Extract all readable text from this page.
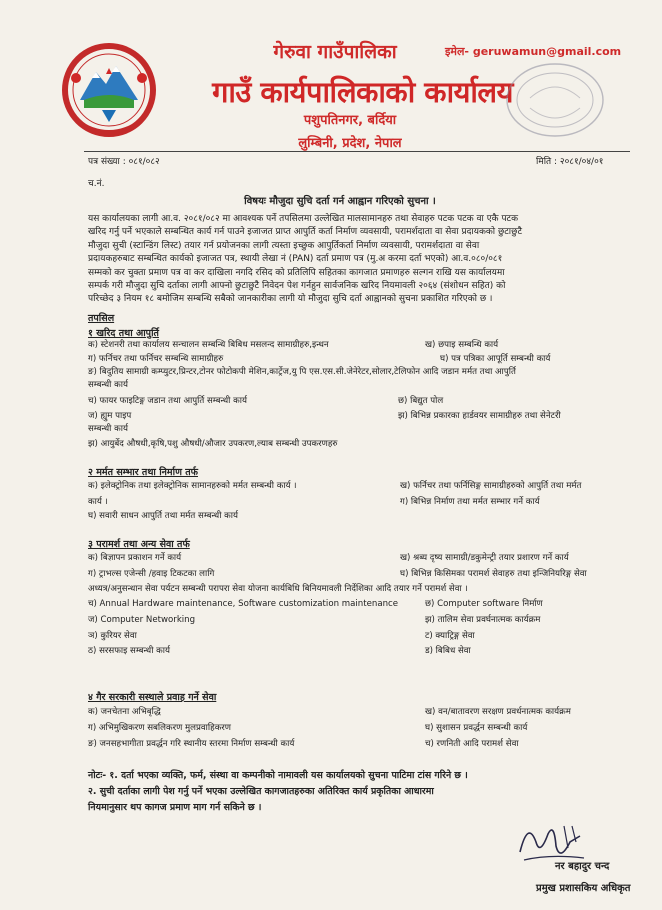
गेरुवा गाउँपालिका
गाउँ कार्यपालिकाको कार्यालय
पशुपतिनगर, बर्दिया
लुम्बिनी, प्रदेश, नेपाल
इमेल- geruwamun@gmail.com
पत्र संख्या : ०८१/०८२	मिति : २०८१/०४/०१
च.नं.
विषयः मौजुदा सुचि दर्ता गर्न आह्वान गरिएको सुचना ।
यस कार्यालयका लागी आ.व. २०८१/०८२ मा आवश्यक पर्ने तपसिलमा उल्लेखित मालसामानहरु तथा सेवाहरु पटक पटक वा एकै पटक
खरिद गर्नु पर्ने भएकाले सम्बन्धित कार्य गर्न पाउने इजाजत प्राप्त आपुर्ति कर्ता निर्माण व्यवसायी, परामर्शदाता वा सेवा प्रदायकको छुटाछुटै
मौजुदा सुची (स्टान्डिंग लिस्ट) तयार गर्न प्रयोजनका लागी त्यस्ता इच्छुक आपुर्तिकर्ता निर्माण व्यवसायी, परामर्शदाता वा सेवा
प्रदायकहरुबाट सम्बन्धित कार्यको इजाजत पत्र, स्थायी लेखा नं (PAN) दर्ता प्रमाण पत्र (मु.अ करमा दर्ता भएको) आ.व.०८०/०८१
सम्मको कर चुक्ता प्रमाण पत्र वा कर दाखिला नगदि रसिद को प्रतिलिपि सहितका कागजात प्रमाणहरु सल्गन राखि यस कार्यालयमा
सम्पर्क गरी मौजुदा सुचि दर्ताका लागी आफ्नो छुटाछुटै निवेदन पेश गर्नहुन सार्वजनिक खरिद नियमावली २०६४ (संशोधन सहित) को
परिच्छेद ३ नियम १८ बमोजिम सम्बन्धि सबैको जानकारीका लागी यो मौजुदा सुचि दर्ता आह्वानको सुचना प्रकाशित गरिएको छ ।
तपसिल
१ खरिद तथा आपुर्ति
क) स्टेशनरी तथा कार्यालय सन्चालन सम्बन्धि बिबिध मसलन्द सामाग्रीहरु,इन्धन	ख) छपाइ सम्बन्धि कार्य
ग) फर्निचर तथा फर्निचर सम्बन्धि सामाग्रीहरु	घ) पत्र पत्रिका आपूर्ति सम्बन्धी कार्य
ङ) बिदुतिय सामाग्री कम्प्युटर,प्रिन्टर,टोनर फोटोकपी मेशिन,कार्ट्रेज,यु पि एस.एस.सी.जेनेरेटर,सोलार,टेलिफोन आदि जडान मर्मत तथा आपुर्ति
सम्बन्धी कार्य
च) फायर फाइटिङ्ग जडान तथा आपुर्ति सम्बन्धी कार्य	छ) बिद्युत पोल
ज) ह्युम पाइप	झ) बिभिन्न प्रकारका हार्डवयर सामाग्रीहरु तथा सेनेटरी
सम्बन्धी कार्य
झ) आयुर्बेद औषधी,कृषि,पशु औषधी/औजार उपकरण,ल्याब सम्बन्धी उपकरणहरु
२ मर्मत सम्भार तथा निर्माण तर्फ
क) इलेक्ट्रोनिक तथा इलेक्ट्रोनिक सामानहरुको मर्मत सम्बन्धी कार्य ।	ख) फर्निचर तथा फर्निसिङ्ग सामाग्रीहरुको आपुर्ति तथा मर्मत
कार्य ।	ग) बिभिन्न निर्माण तथा मर्मत सम्भार गर्ने कार्य
घ) सवारी साधन आपुर्ति तथा मर्मत सम्बन्धी कार्य
३ परामर्श तथा अन्य सेवा तर्फ
क) बिज्ञापन प्रकाशन गर्ने कार्य	ख) श्रब्य दृष्य सामाग्री/डकुमेन्ट्री तयार प्रशारण गर्ने कार्य
ग) ट्राभल्स एजेन्सी /हवाइ टिकटका लागि	घ) बिभिन्न किसिमका परामर्श सेवाहरु तथा इन्जिनियरिङ्ग सेवा
अध्यत्र/अनुसन्धान सेवा पर्यटन सम्बन्धी परापरा सेवा योजना कार्यबिधि बिनियमावली निर्देशिका आदि तयार गर्ने परामर्श सेवा ।
च) Annual Hardware maintenance, Software customization maintenance	छ) Computer software निर्माण
ज) Computer Networking	झ) तालिम सेवा प्रवर्घनात्मक कार्यक्रम
ञ) कुरियर सेवा	ट) क्याट्रिङ्ग सेवा
ठ) सरसफाइ सम्बन्धी कार्य	ड) बिबिध सेवा
४ गैर सरकारी सस्थाले प्रवाह गर्ने सेवा
क) जनचेतना अभिबृद्धि	ख) वन/बातावरण सरक्षण प्रवर्धनात्मक कार्यक्रम
ग) अभिमुखिकरण सबलिकरण मुलप्रवाहिकरण	घ) सुशासन प्रवर्द्धन सम्बन्धी कार्य
ङ) जनसहभागीता प्रवर्द्धन गरि स्थानीय स्तरमा निर्माण सम्बन्धी कार्य	च) रणनिती आदि परामर्श सेवा
नोटः- १. दर्ता भएका व्यक्ति, फर्म, संस्था वा कम्पनीको नामावली यस कार्यालयको सुचना पाटिमा टांस गरिने छ ।
२. सुची दर्ताका लागी पेश गर्नु पर्ने भएका उल्लेखित कागजातहरुका अतिरिक्त कार्य प्रकृतिका आधारमा
नियमानुसार थप कागज प्रमाण माग गर्न सकिने छ ।
नर बहादुर चन्द
प्रमुख प्रशासकिय अधिकृत
